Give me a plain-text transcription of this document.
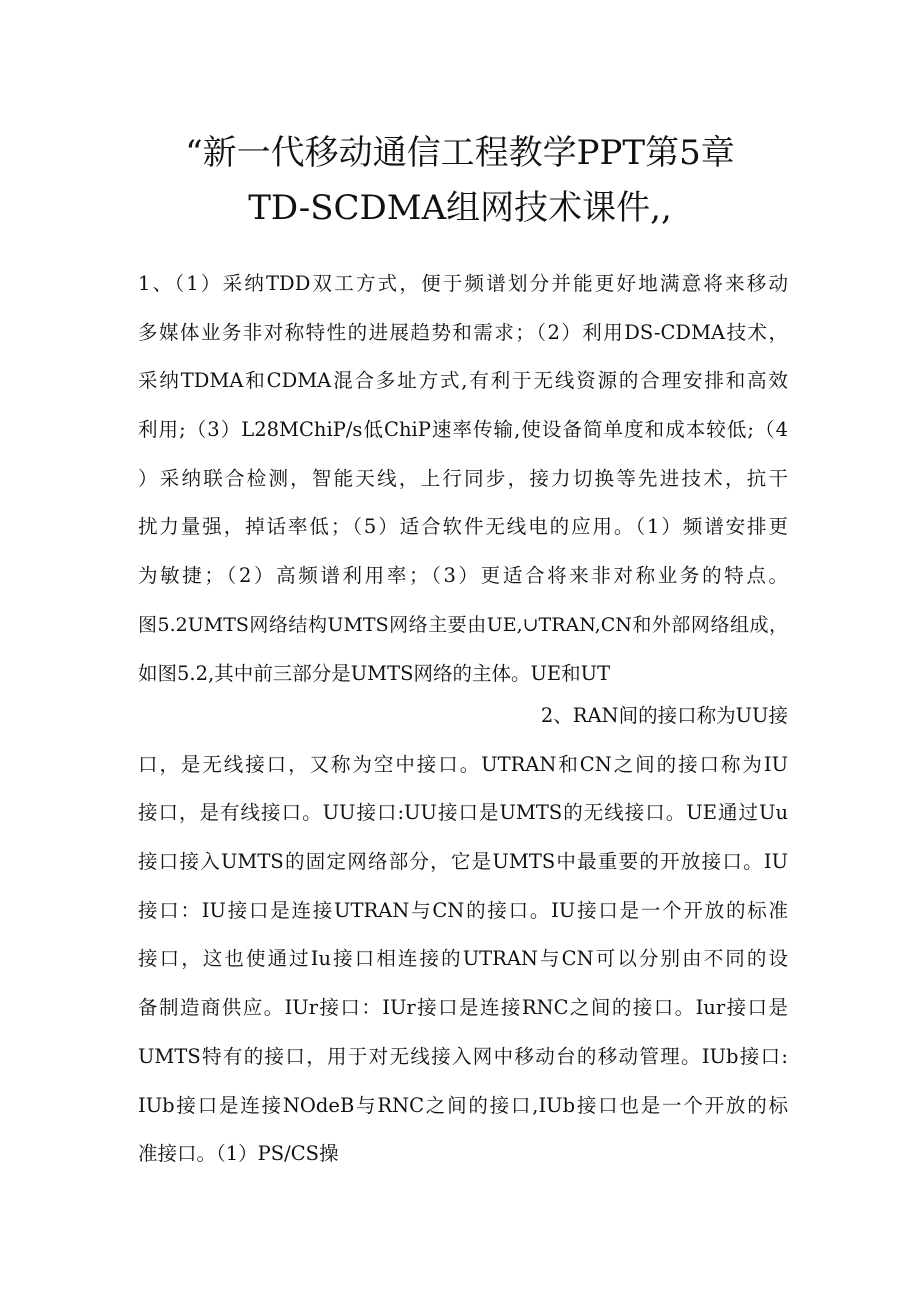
“新一代移动通信工程教学PPT第5章
TD-SCDMA组网技术课件,,
1、（1）采纳TDD双工方式，便于频谱划分并能更好地满意将来移动
多媒体业务非对称特性的进展趋势和需求；（2）利用DS-CDMA技术，
采纳TDMA和CDMA混合多址方式,有利于无线资源的合理安排和高效
利用;（3）L28MChiP/s低ChiP速率传输,使设备简单度和成本较低;（4
）采纳联合检测，智能天线，上行同步，接力切换等先进技术，抗干
扰力量强，掉话率低；（5）适合软件无线电的应用。（1）频谱安排更
为敏捷；（2）高频谱利用率；（3）更适合将来非对称业务的特点。
图5.2UMTS网络结构UMTS网络主要由UE,∪TRAN,CN和外部网络组成，
如图5.2,其中前三部分是UMTS网络的主体。UE和UT
2、RAN间的接口称为UU接
口，是无线接口，又称为空中接口。UTRAN和CN之间的接口称为IU
接口，是有线接口。UU接口:UU接口是UMTS的无线接口。UE通过Uu
接口接入UMTS的固定网络部分，它是UMTS中最重要的开放接口。IU
接口：IU接口是连接UTRAN与CN的接口。IU接口是一个开放的标准
接口，这也使通过Iu接口相连接的UTRAN与CN可以分别由不同的设
备制造商供应。IUr接口：IUr接口是连接RNC之间的接口。Iur接口是
UMTS特有的接口，用于对无线接入网中移动台的移动管理。IUb接口:
IUb接口是连接NOdeB与RNC之间的接口,IUb接口也是一个开放的标
准接口。（1）PS/CS操
